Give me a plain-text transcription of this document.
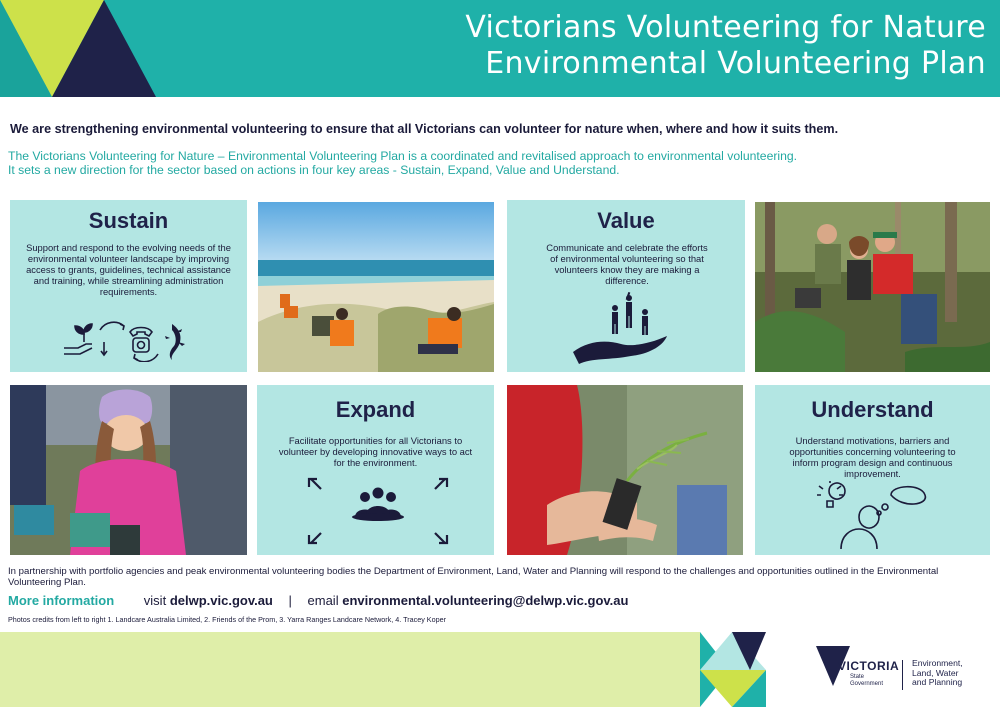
Victorians Volunteering for Nature
Environmental Volunteering Plan
We are strengthening environmental volunteering to ensure that all Victorians can volunteer for nature when, where and how it suits them.
The Victorians Volunteering for Nature – Environmental Volunteering Plan is a coordinated and revitalised approach to environmental volunteering.
It sets a new direction for the sector based on actions in four key areas - Sustain, Expand, Value and Understand.
Sustain
Support and respond to the evolving needs of the environmental volunteer landscape by improving access to grants, guidelines, technical assistance and training, while streamlining administration requirements.
Value
Communicate and celebrate the efforts of environmental volunteering so that volunteers know they are making a difference.
Expand
Facilitate opportunities for all Victorians to volunteer by developing innovative ways to act for the environment.
Understand
Understand motivations, barriers and opportunities concerning volunteering to inform program design and continuous improvement.
In partnership with portfolio agencies and peak environmental volunteering bodies the Department of Environment, Land, Water and Planning will respond to the challenges and opportunities outlined in the Environmental Volunteering Plan.
More information visit delwp.vic.gov.au | email environmental.volunteering@delwp.vic.gov.au
Photos credits from left to right 1. Landcare Australia Limited, 2. Friends of the Prom, 3. Yarra Ranges Landcare Network, 4. Tracey Koper
VICTORIA
State
Government
Environment,
Land, Water
and Planning
